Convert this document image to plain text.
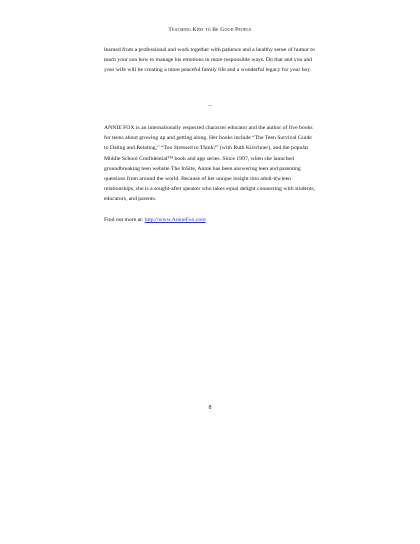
Teaching Kids to Be Good People

learned from a professional and work together with patience and a healthy sense of humor to teach your son how to manage his emotions in more responsible ways. Do that and you and your wife will be creating a more peaceful family life and a wonderful legacy for your boy.

~

ANNIE FOX is an internationally respected character educator and the author of five books for teens about growing up and getting along. Her books include “The Teen Survival Guide to Dating and Relating,” “Too Stressed to Think?” (with Ruth Kirschner), and the popular Middle School Confidential™ book and app series. Since 1997, when she launched groundbreaking teen website The InSite, Annie has been answering teen and parenting questions from around the world. Because of her unique insight into adult-t(w)een relationships, she is a sought-after speaker who takes equal delight connecting with students, educators, and parents.

Find out more at: http://www.AnnieFox.com

8
